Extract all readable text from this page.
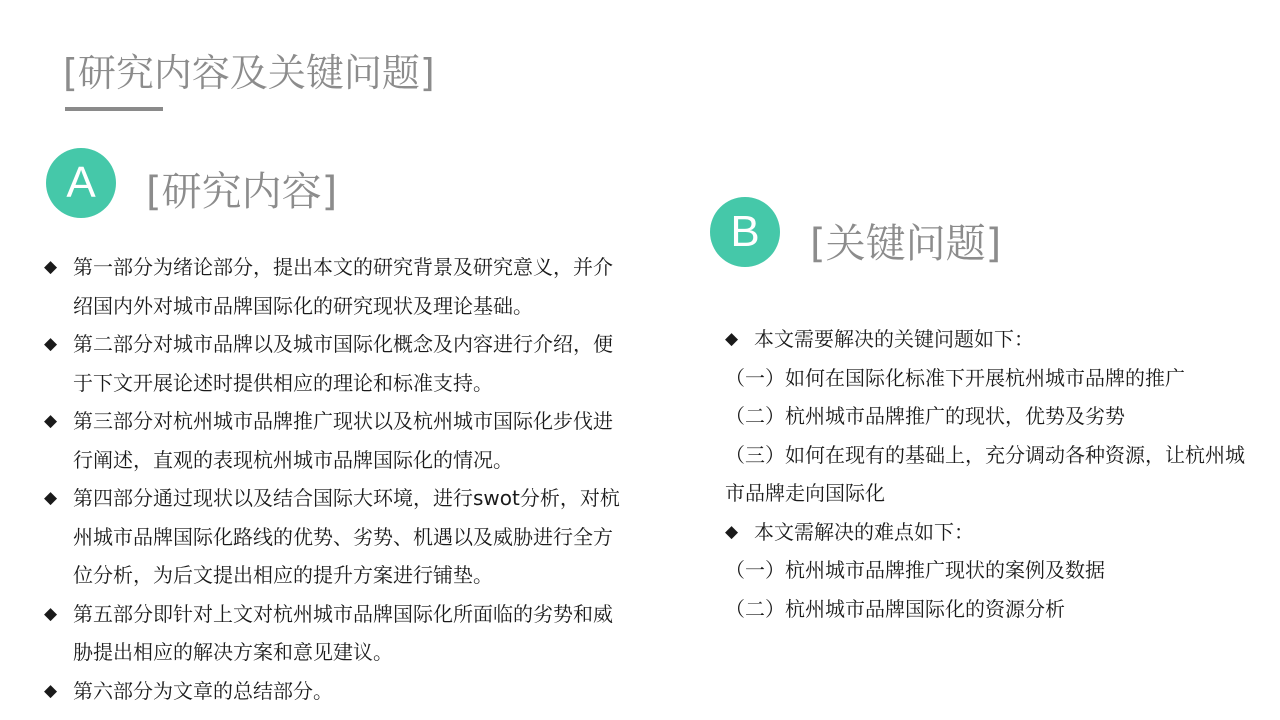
[研究内容及关键问题]
A	[研究内容]
◆ 第一部分为绪论部分，提出本文的研究背景及研究意义，并介绍国内外对城市品牌国际化的研究现状及理论基础。
◆ 第二部分对城市品牌以及城市国际化概念及内容进行介绍，便于下文开展论述时提供相应的理论和标准支持。
◆ 第三部分对杭州城市品牌推广现状以及杭州城市国际化步伐进行阐述，直观的表现杭州城市品牌国际化的情况。
◆ 第四部分通过现状以及结合国际大环境，进行swot分析，对杭州城市品牌国际化路线的优势、劣势、机遇以及威胁进行全方位分析，为后文提出相应的提升方案进行铺垫。
◆ 第五部分即针对上文对杭州城市品牌国际化所面临的劣势和威胁提出相应的解决方案和意见建议。
◆ 第六部分为文章的总结部分。
B	[关键问题]
◆ 本文需要解决的关键问题如下：
（一）如何在国际化标准下开展杭州城市品牌的推广
（二）杭州城市品牌推广的现状，优势及劣势
（三）如何在现有的基础上，充分调动各种资源，让杭州城市品牌走向国际化
◆ 本文需解决的难点如下：
（一）杭州城市品牌推广现状的案例及数据
（二）杭州城市品牌国际化的资源分析
